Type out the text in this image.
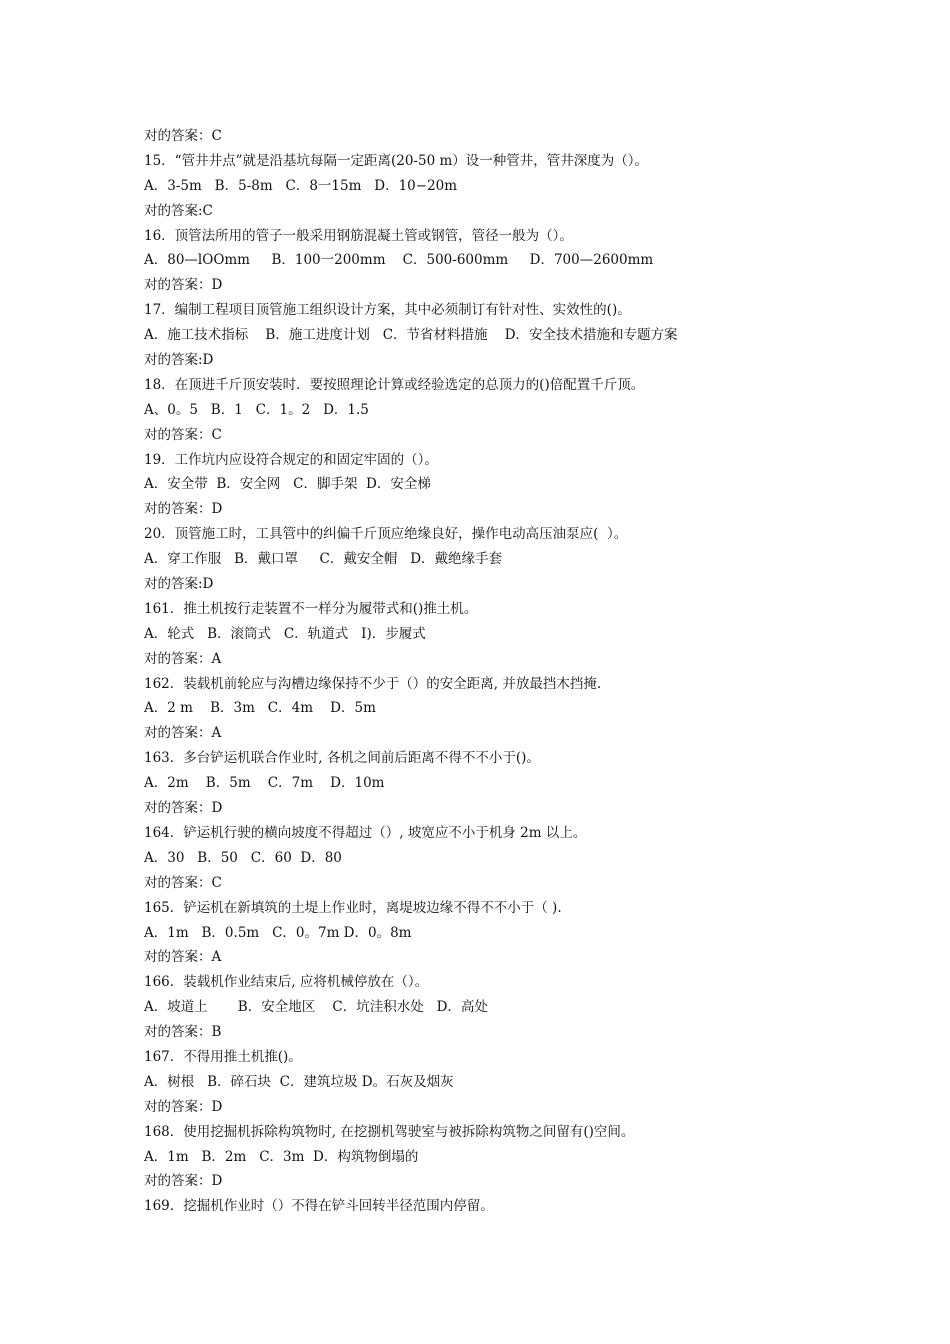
对的答案：C
15．“管井井点”就是沿基坑每隔一定距离(20-50 m）设一种管井，管井深度为（）。
A．3-5m   B．5-8m   C．8一15m   D．10−20m
对的答案:C
16．顶管法所用的管子一般采用钢筋混凝土管或钢管，管径一般为（）。
A．80—lOOmm     B．100一200mm    C．500-600mm     D．700—2600mm
对的答案：D
17．编制工程项目顶管施工组织设计方案，其中必须制订有针对性、实效性的()。
A．施工技术指标    B．施工进度计划   C．节省材料措施    D．安全技术措施和专题方案
对的答案:D
18．在顶进千斤顶安装时．要按照理论计算或经验选定的总顶力的()倍配置千斤顶。
A、0。5   B．1   C．1。2   D．1.5
对的答案：C
19．工作坑内应设符合规定的和固定牢固的（）。
A．安全带  B．安全网   C．脚手架  D．安全梯
对的答案：D
20．顶管施工时，工具管中的纠偏千斤顶应绝缘良好，操作电动高压油泵应(  ）。
A．穿工作服   B．戴口罩     C．戴安全帽   D．戴绝缘手套
对的答案:D
161．推土机按行走装置不一样分为履带式和()推土机。
A．轮式   B．滚筒式   C．轨道式   I)．步履式
对的答案：A
162．装载机前轮应与沟槽边缘保持不少于（）的安全距离, 并放最挡木挡掩.
A．2 m    B．3m   C．4m    D．5m
对的答案：A
163．多台铲运机联合作业时, 各机之间前后距离不得不不小于()。
A．2m    B．5m    C．7m    D．10m
对的答案：D
164．铲运机行驶的横向坡度不得超过（）, 坡宽应不小于机身 2m 以上。
A．30   B．50   C．60  D．80
对的答案：C
165．铲运机在新填筑的土堤上作业时，离堤坡边缘不得不不小于（ ).
A．1m   B．0.5m   C．0。7m D．0。8m
对的答案：A
166．装载机作业结束后, 应将机械停放在（）。
A．坡道上       B．安全地区    C．坑洼积水处   D．高处
对的答案：B
167．不得用推土机推()。
A．树根   B．碎石块  C．建筑垃圾 D。石灰及烟灰
对的答案：D
168．使用挖掘机拆除构筑物时, 在挖捌机驾驶室与被拆除构筑物之间留有()空间。
A．1m   B．2m   C．3m  D．构筑物倒塌的
对的答案：D
169．挖掘机作业时（）不得在铲斗回转半径范围内停留。
